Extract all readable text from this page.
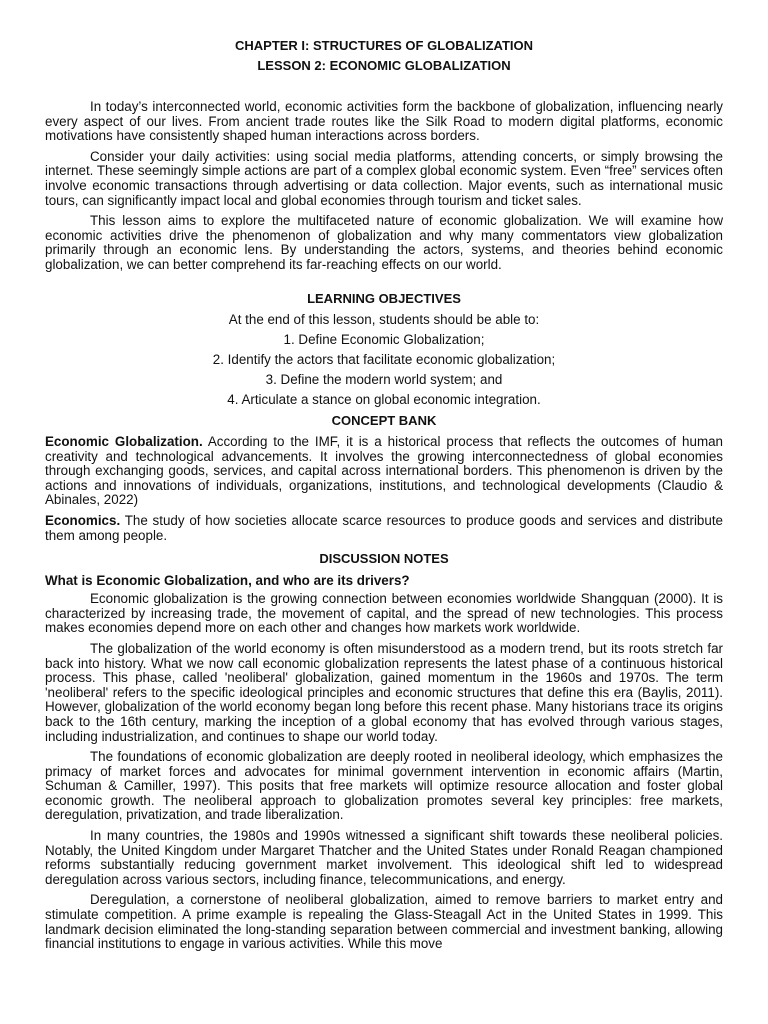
CHAPTER I: STRUCTURES OF GLOBALIZATION
LESSON 2: ECONOMIC GLOBALIZATION

In today’s interconnected world, economic activities form the backbone of globalization, influencing nearly every aspect of our lives. From ancient trade routes like the Silk Road to modern digital platforms, economic motivations have consistently shaped human interactions across borders.

Consider your daily activities: using social media platforms, attending concerts, or simply browsing the internet. These seemingly simple actions are part of a complex global economic system. Even “free” services often involve economic transactions through advertising or data collection. Major events, such as international music tours, can significantly impact local and global economies through tourism and ticket sales.

This lesson aims to explore the multifaceted nature of economic globalization. We will examine how economic activities drive the phenomenon of globalization and why many commentators view globalization primarily through an economic lens. By understanding the actors, systems, and theories behind economic globalization, we can better comprehend its far-reaching effects on our world.

LEARNING OBJECTIVES
At the end of this lesson, students should be able to:
1. Define Economic Globalization;
2. Identify the actors that facilitate economic globalization;
3. Define the modern world system; and
4. Articulate a stance on global economic integration.
CONCEPT BANK

Economic Globalization. According to the IMF, it is a historical process that reflects the outcomes of human creativity and technological advancements. It involves the growing interconnectedness of global economies through exchanging goods, services, and capital across international borders. This phenomenon is driven by the actions and innovations of individuals, organizations, institutions, and technological developments (Claudio & Abinales, 2022)

Economics. The study of how societies allocate scarce resources to produce goods and services and distribute them among people.

DISCUSSION NOTES
What is Economic Globalization, and who are its drivers?

Economic globalization is the growing connection between economies worldwide Shangquan (2000). It is characterized by increasing trade, the movement of capital, and the spread of new technologies. This process makes economies depend more on each other and changes how markets work worldwide.

The globalization of the world economy is often misunderstood as a modern trend, but its roots stretch far back into history. What we now call economic globalization represents the latest phase of a continuous historical process. This phase, called 'neoliberal' globalization, gained momentum in the 1960s and 1970s. The term 'neoliberal' refers to the specific ideological principles and economic structures that define this era (Baylis, 2011). However, globalization of the world economy began long before this recent phase. Many historians trace its origins back to the 16th century, marking the inception of a global economy that has evolved through various stages, including industrialization, and continues to shape our world today.

The foundations of economic globalization are deeply rooted in neoliberal ideology, which emphasizes the primacy of market forces and advocates for minimal government intervention in economic affairs (Martin, Schuman & Camiller, 1997). This posits that free markets will optimize resource allocation and foster global economic growth. The neoliberal approach to globalization promotes several key principles: free markets, deregulation, privatization, and trade liberalization.

In many countries, the 1980s and 1990s witnessed a significant shift towards these neoliberal policies. Notably, the United Kingdom under Margaret Thatcher and the United States under Ronald Reagan championed reforms substantially reducing government market involvement. This ideological shift led to widespread deregulation across various sectors, including finance, telecommunications, and energy.

Deregulation, a cornerstone of neoliberal globalization, aimed to remove barriers to market entry and stimulate competition. A prime example is repealing the Glass-Steagall Act in the United States in 1999. This landmark decision eliminated the long-standing separation between commercial and investment banking, allowing financial institutions to engage in various activities. While this move
